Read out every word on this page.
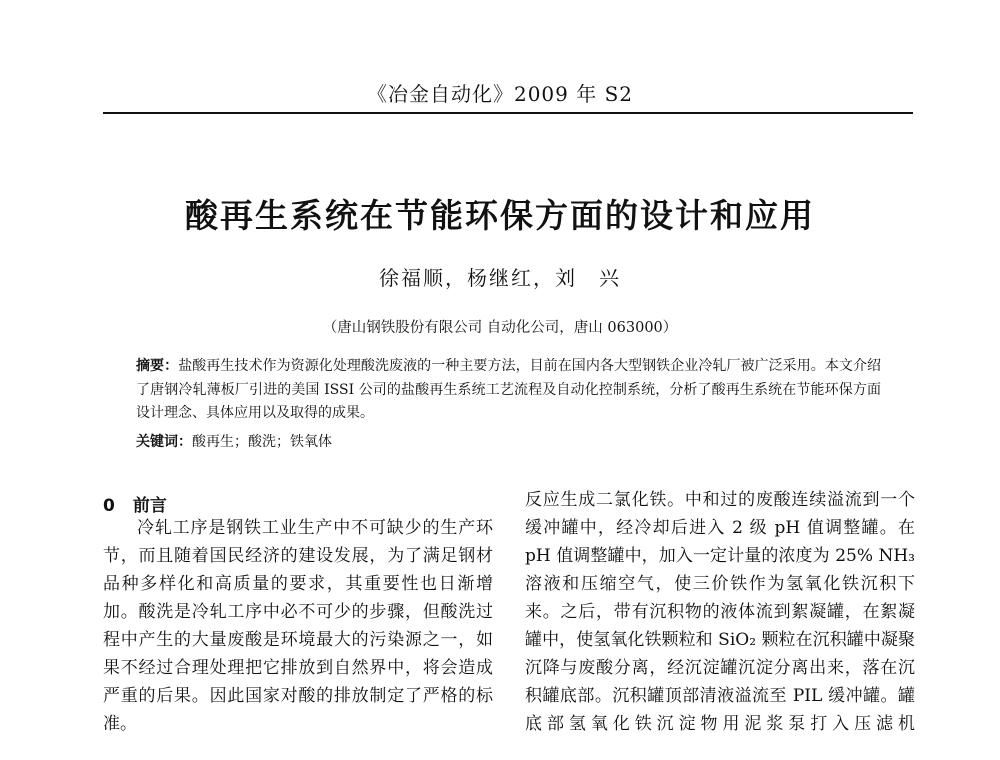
《冶金自动化》2009 年 S2
酸再生系统在节能环保方面的设计和应用
徐福顺，杨继红，刘　兴
（唐山钢铁股份有限公司 自动化公司，唐山 063000）
摘要：盐酸再生技术作为资源化处理酸洗废液的一种主要方法，目前在国内各大型钢铁企业冷轧厂被广泛采用。本文介绍了唐钢冷轧薄板厂引进的美国 ISSI 公司的盐酸再生系统工艺流程及自动化控制系统，分析了酸再生系统在节能环保方面设计理念、具体应用以及取得的成果。
关键词：酸再生；酸洗；铁氧体
0 前言

冷轧工序是钢铁工业生产中不可缺少的生产环节，而且随着国民经济的建设发展，为了满足钢材品种多样化和高质量的要求，其重要性也日渐增加。酸洗是冷轧工序中必不可少的步骤，但酸洗过程中产生的大量废酸是环境最大的污染源之一，如果不经过合理处理把它排放到自然界中，将会造成严重的后果。因此国家对酸的排放制定了严格的标准。

反应生成二氯化铁。中和过的废酸连续溢流到一个缓冲罐中，经冷却后进入 2 级 pH 值调整罐。在 pH 值调整罐中，加入一定计量的浓度为 25% NH₃ 溶液和压缩空气，使三价铁作为氢氧化铁沉积下来。之后，带有沉积物的液体流到絮凝罐，在絮凝罐中，使氢氧化铁颗粒和 SiO₂ 颗粒在沉积罐中凝聚沉降与废酸分离，经沉淀罐沉淀分离出来，落在沉积罐底部。沉积罐顶部清液溢流至 PIL 缓冲罐。罐底部氢氧化铁沉淀物用泥浆泵打入压滤机
